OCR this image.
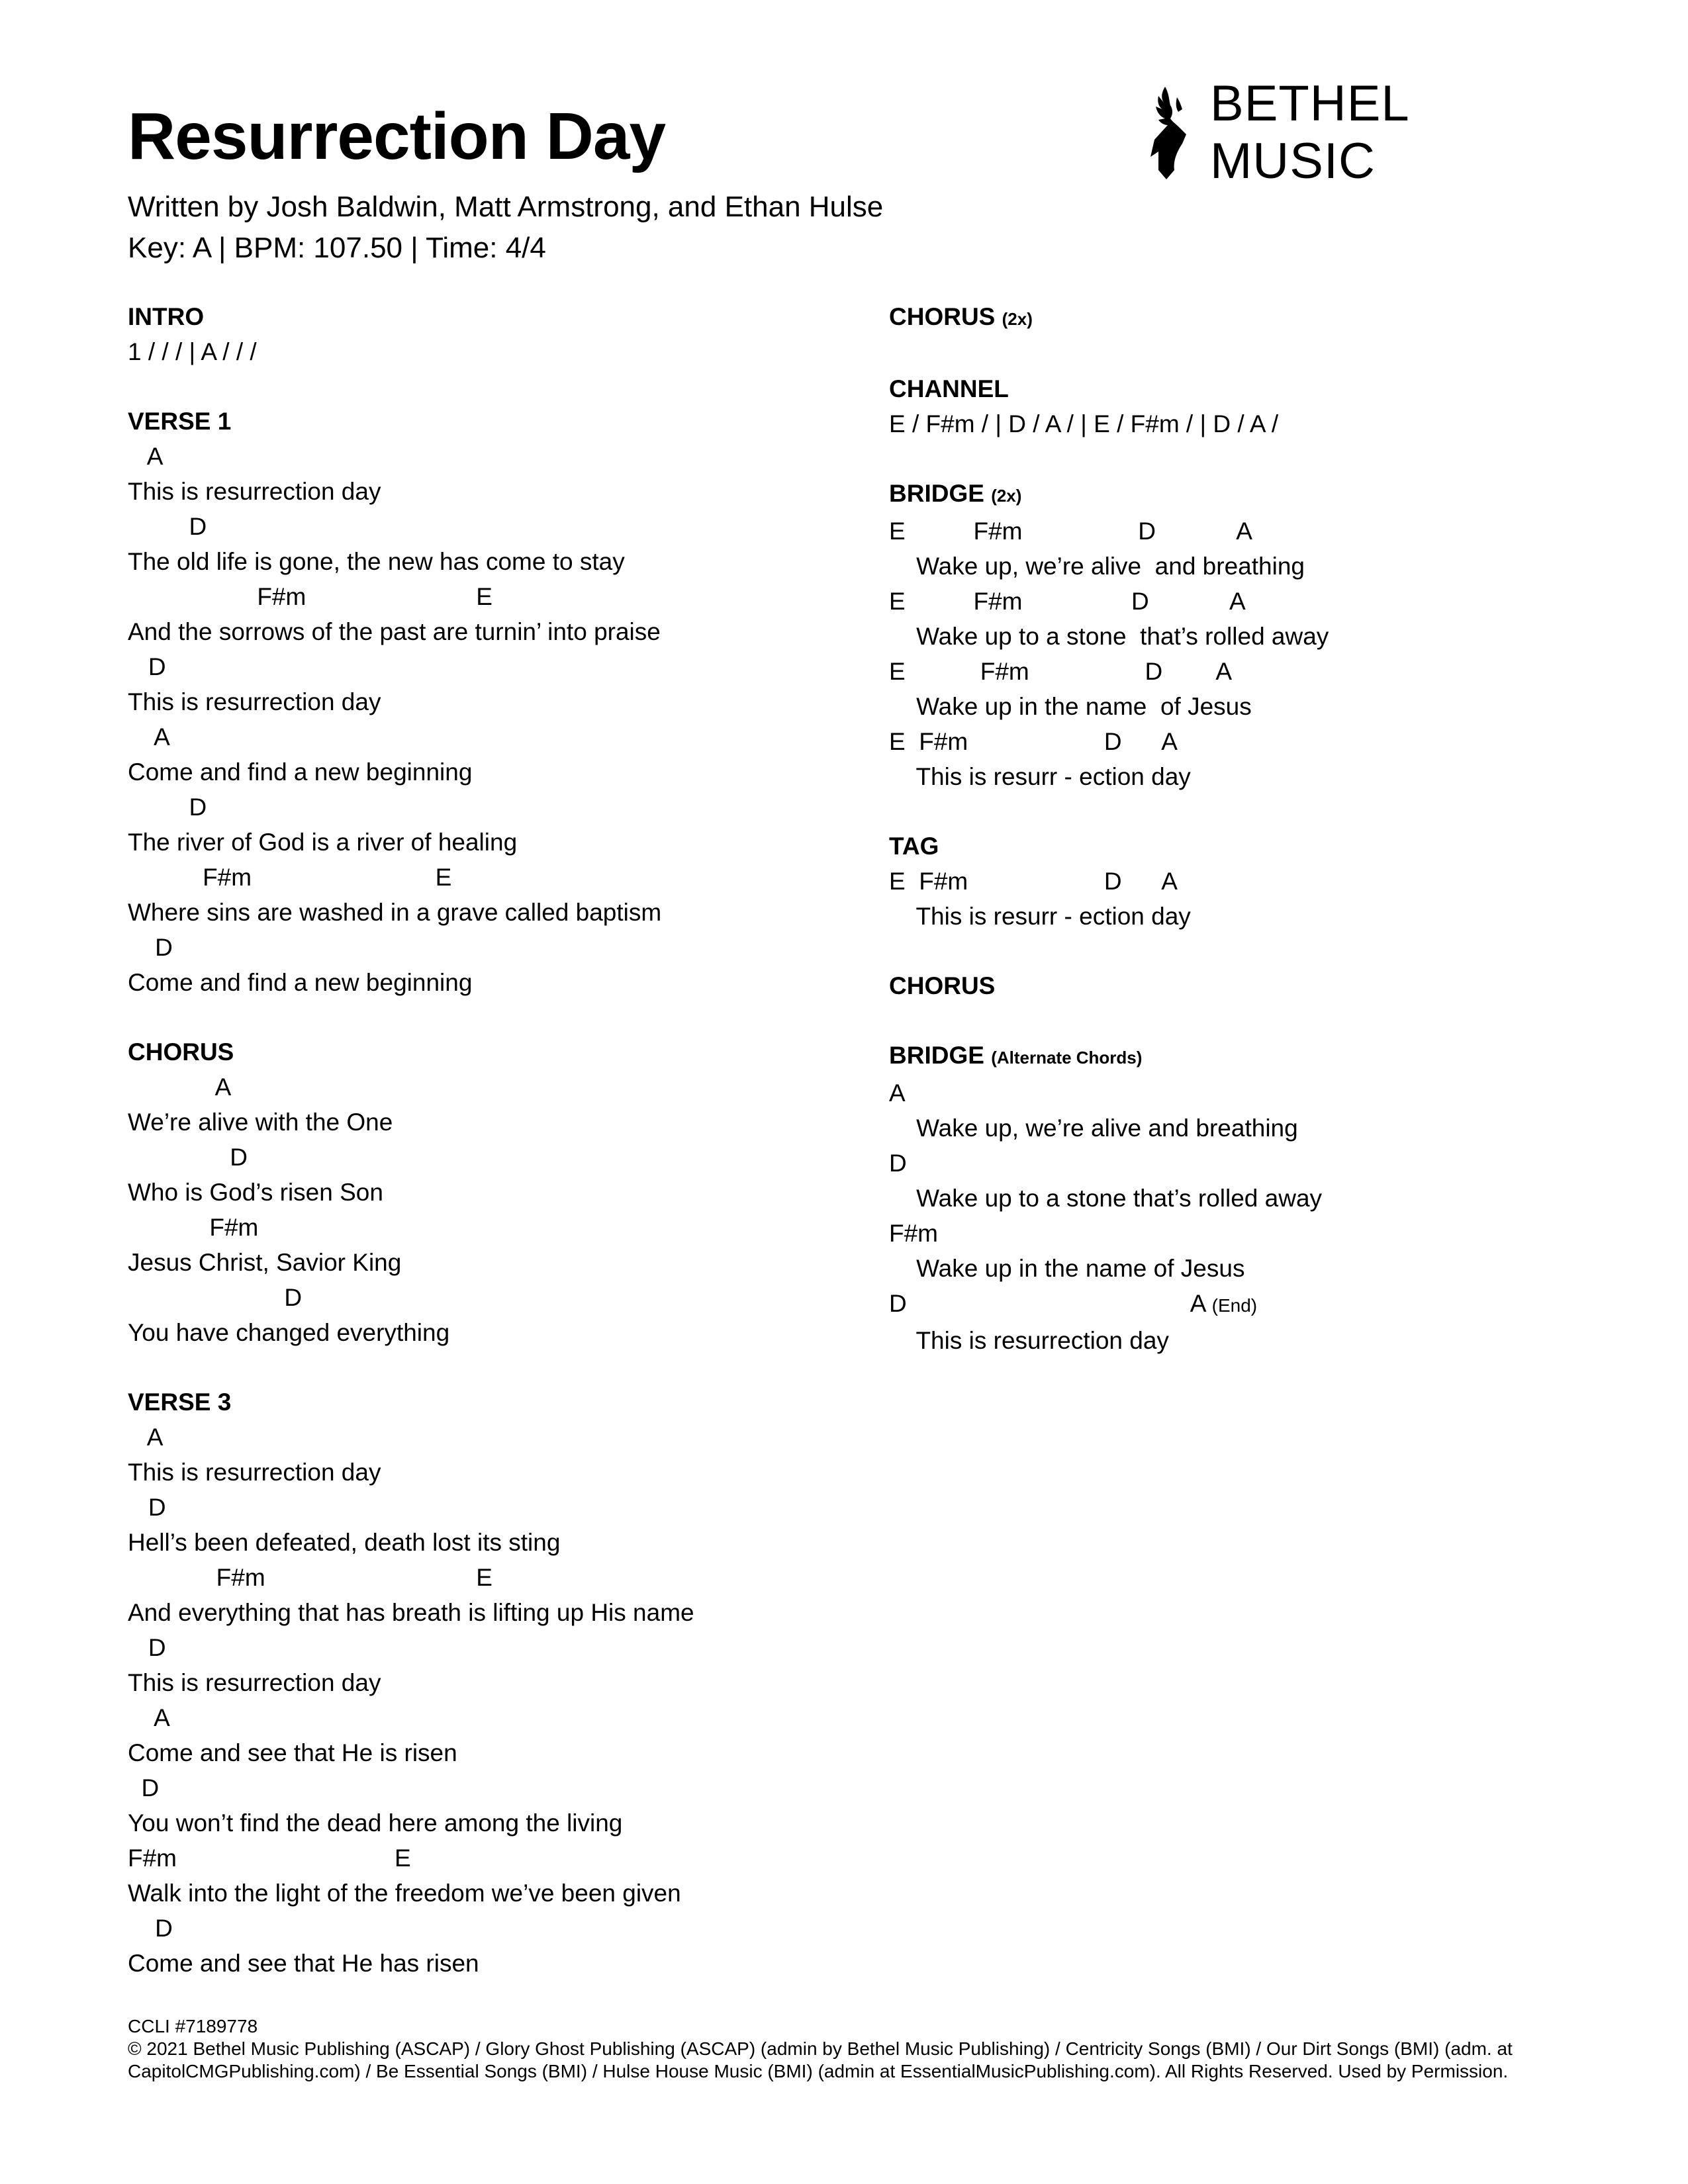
Resurrection Day
Written by Josh Baldwin, Matt Armstrong, and Ethan Hulse
Key: A | BPM: 107.50 | Time: 4/4
BETHEL MUSIC
INTRO
1 / / / | A / / /
VERSE 1
A
This is resurrection day
D
The old life is gone, the new has come to stay
F#m                         E
And the sorrows of the past are turnin’ into praise
D
This is resurrection day
A
Come and find a new beginning
D
The river of God is a river of healing
F#m                           E
Where sins are washed in a grave called baptism
D
Come and find a new beginning
CHORUS
A
We’re alive with the One
D
Who is God’s risen Son
F#m
Jesus Christ, Savior King
D
You have changed everything
VERSE 3
A
This is resurrection day
D
Hell’s been defeated, death lost its sting
F#m                               E
And everything that has breath is lifting up His name
D
This is resurrection day
A
Come and see that He is risen
D
You won’t find the dead here among the living
F#m                                E
Walk into the light of the freedom we’ve been given
D
Come and see that He has risen
CHORUS (2x)
CHANNEL
E / F#m / | D / A / | E / F#m / | D / A /
BRIDGE (2x)
E          F#m                 D            A
Wake up, we’re alive  and breathing
E          F#m                D            A
Wake up to a stone  that’s rolled away
E           F#m                 D        A
Wake up in the name  of Jesus
E  F#m                    D      A
This is resurr - ection day
TAG
E  F#m                    D      A
This is resurr - ection day
CHORUS
BRIDGE (Alternate Chords)
A
Wake up, we’re alive and breathing
D
Wake up to a stone that’s rolled away
F#m
Wake up in the name of Jesus
D	A (End)
This is resurrection day
CCLI #7189778
© 2021 Bethel Music Publishing (ASCAP) / Glory Ghost Publishing (ASCAP) (admin by Bethel Music Publishing) / Centricity Songs (BMI) / Our Dirt Songs (BMI) (adm. at CapitolCMGPublishing.com) / Be Essential Songs (BMI) / Hulse House Music (BMI) (admin at EssentialMusicPublishing.com). All Rights Reserved. Used by Permission.
